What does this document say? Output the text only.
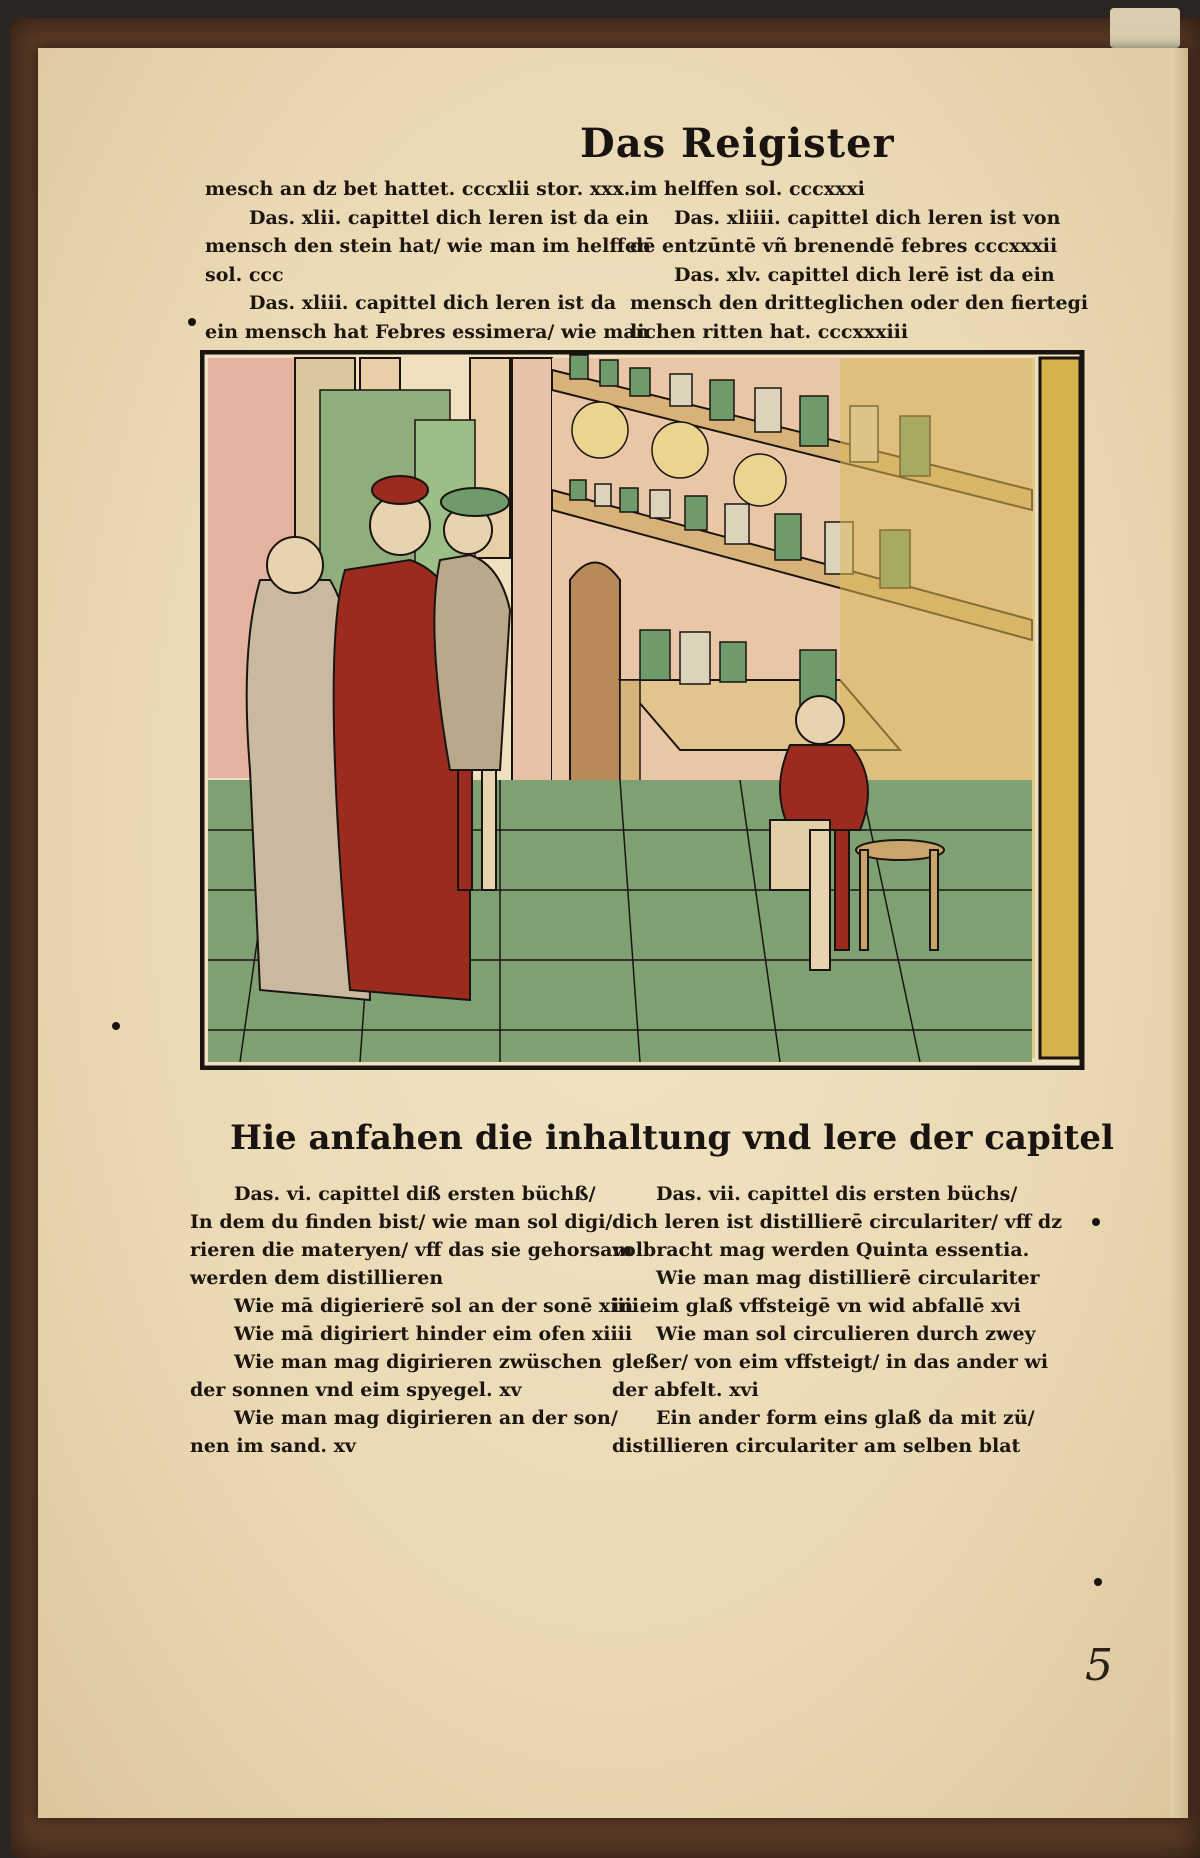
Das Reigister

mesch an dz bet hattet. cccxlii stor. xxx.

Das. xlii. capittel dich leren ist da ein

mensch den stein hat/ wie man im helffen

sol. ccc

Das. xliii. capittel dich leren ist da

ein mensch hat Febres essimera/ wie man

im helffen sol. cccxxxi

Das. xliiii. capittel dich leren ist von

dē entzūntē vñ brenendē febres cccxxxii

Das. xlv. capittel dich lerē ist da ein

mensch den dritteglichen oder den fiertegi

lichen ritten hat. cccxxxiii

Hie anfahen die inhaltung vnd lere der capitel

Das. vi. capittel diß ersten büchß/

In dem du finden bist/ wie man sol digi/

rieren die materyen/ vff das sie gehorsam

werden dem distillieren

Wie mā digierierē sol an der sonē xiiii.

Wie mā digiriert hinder eim ofen xiiii

Wie man mag digirieren zwüschen

der sonnen vnd eim spyegel. xv

Wie man mag digirieren an der son/

nen im sand. xv

Das. vii. capittel dis ersten büchs/

dich leren ist distillierē circulariter/ vff dz

volbracht mag werden Quinta essentia.

Wie man mag distillierē circulariter

in eim glaß vffsteigē vn wid abfallē xvi

Wie man sol circulieren durch zwey

gleßer/ von eim vffsteigt/ in das ander wi

der abfelt. xvi

Ein ander form eins glaß da mit zü/

distillieren circulariter am selben blat

5
